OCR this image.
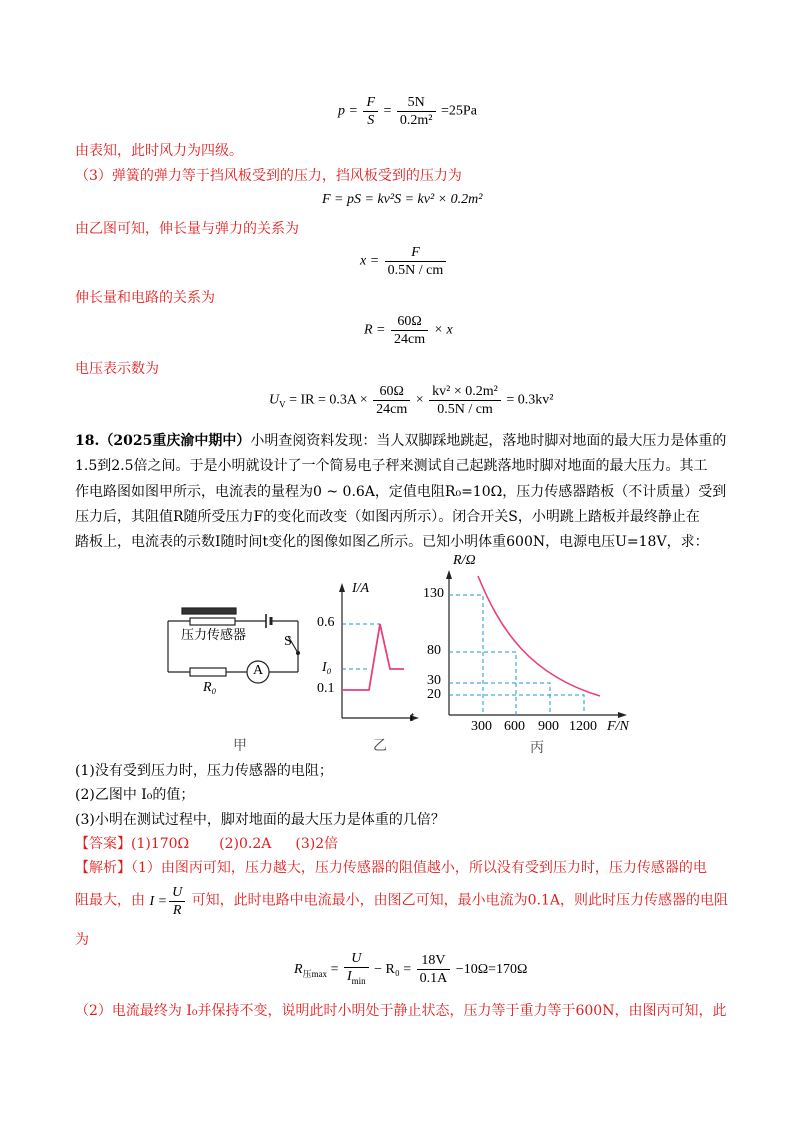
$p = \frac{F}{S} = \frac{5N}{\text{0.2m²}} =25Pa$
由表知，此时风力为四级。
（3）弹簧的弹力等于挡风板受到的压力，挡风板受到的压力为
F = pS = kv²S = kv² × 0.2m²
由乙图可知，伸长量与弹力的关系为
$x = \frac{F}{0.5N / cm}$
伸长量和电路的关系为
$R = \frac{60\Omega}{24cm} \times x$
电压表示数为
$U_V$ = IR = $0.3A \times \frac{60\Omega}{24cm} \times \frac{\text{kv² × 0.2m²}}{0.5N / cm} = 0.3kv^2$
18.（2025重庆渝中期中）小明查阅资料发现：当人双脚踩地跳起，落地时脚对地面的最大压力是体重的
1.5到2.5倍之间。于是小明就设计了一个简易电子秤来测试自己起跳落地时脚对地面的最大压力。其工
作电路图如图甲所示，电流表的量程为0 ~ 0.6A，定值电阻R₀=10Ω，压力传感器踏板（不计质量）受到
压力后，其阻值R随所受压力F的变化而改变（如图丙所示）。闭合开关S，小明跳上踏板并最终静止在
踏板上，电流表的示数I随时间t变化的图像如图乙所示。已知小明体重600N，电源电压U=18V，求：
压力传感器	S
R₀
A
甲
I/A
0.6
I₀
0.1
t
乙
R/Ω
130
80
30
20
300 600 900 1200 F/N
丙
(1)没有受到压力时，压力传感器的电阻；
(2)乙图中 I₀的值；
(3)小明在测试过程中，脚对地面的最大压力是体重的几倍？
【答案】(1)170Ω (2)0.2A (3)2倍
【解析】（1）由图丙可知，压力越大，压力传感器的阻值越小，所以没有受到压力时，压力传感器的电
阻最大，由 $I = \frac{U}{R}$ 可知，此时电路中电流最小，由图乙可知，最小电流为0.1A，则此时压力传感器的电阻
为
$R_{压max} = \frac{U}{I_{min}} - R_0 = \frac{18V}{0.1A} -10\Omega=170\Omega$
（2）电流最终为 I₀并保持不变，说明此时小明处于静止状态，压力等于重力等于600N，由图丙可知，此
